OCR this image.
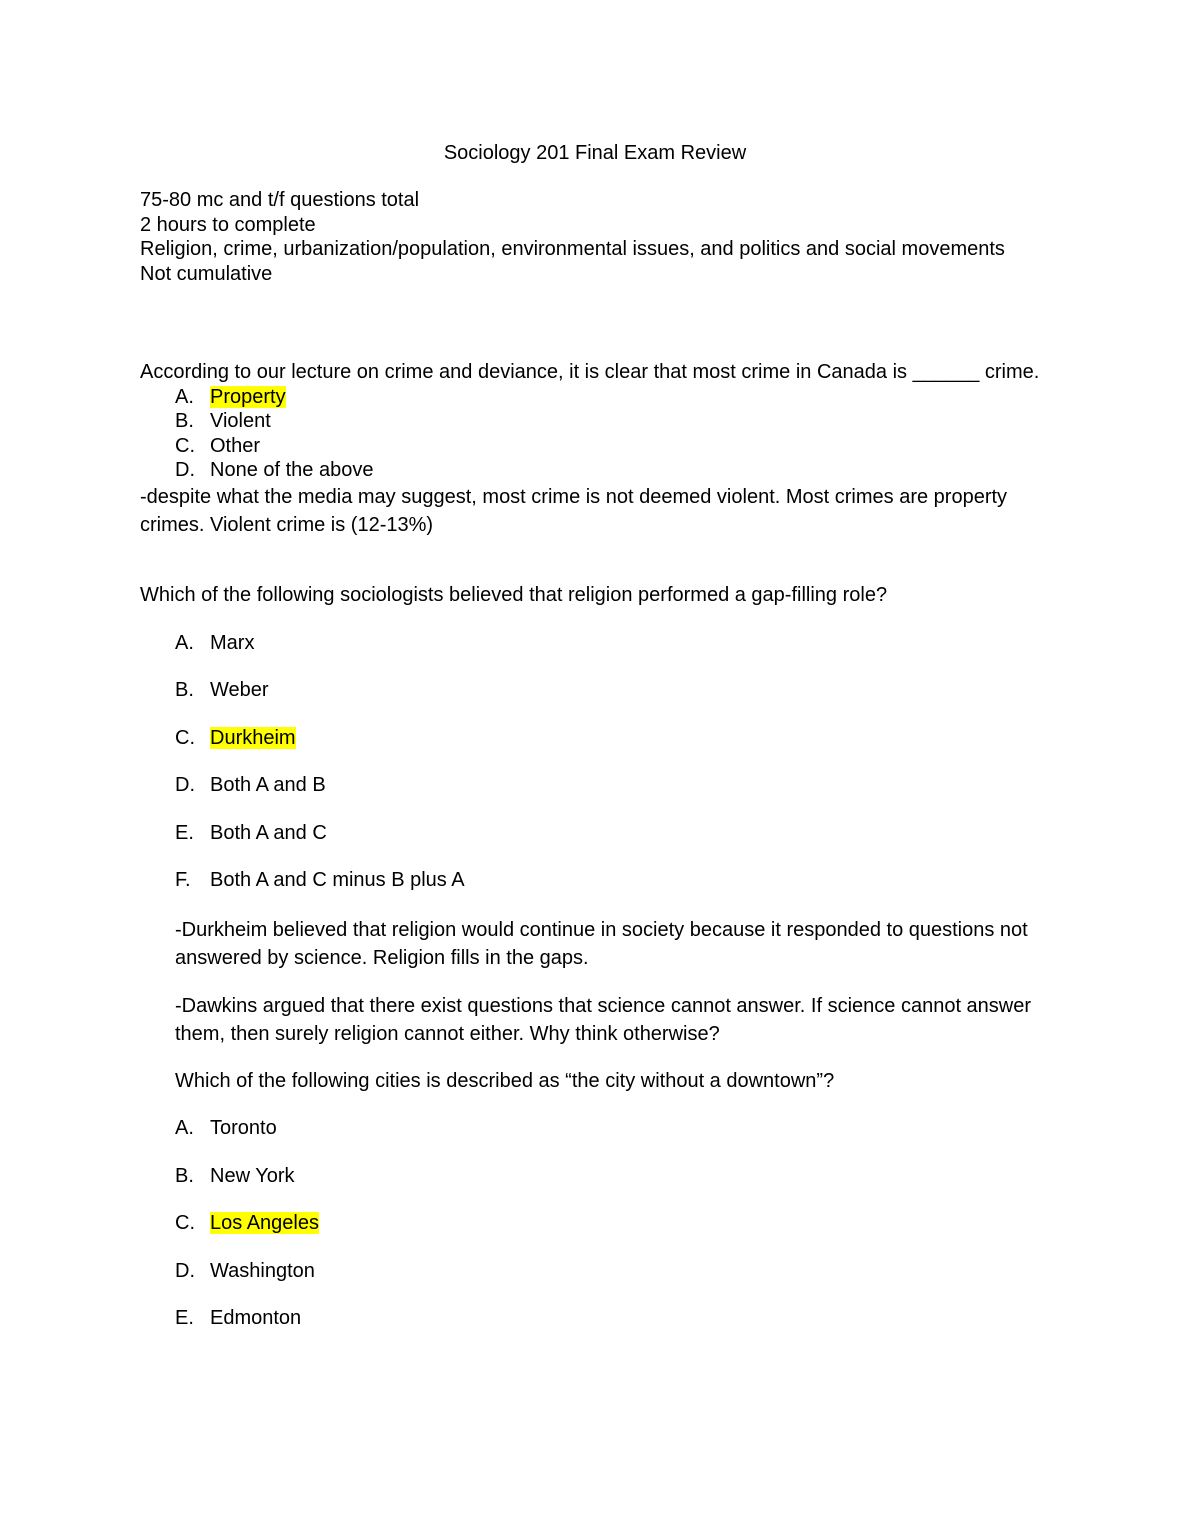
Sociology 201 Final Exam Review
75-80 mc and t/f questions total
2 hours to complete
Religion, crime, urbanization/population, environmental issues, and politics and social movements
Not cumulative
According to our lecture on crime and deviance, it is clear that most crime in Canada is ______ crime.
A. Property
B. Violent
C. Other
D. None of the above
-despite what the media may suggest, most crime is not deemed violent. Most crimes are property crimes. Violent crime is (12-13%)
Which of the following sociologists believed that religion performed a gap-filling role?
A. Marx
B. Weber
C. Durkheim
D. Both A and B
E. Both A and C
F. Both A and C minus B plus A
-Durkheim believed that religion would continue in society because it responded to questions not answered by science. Religion fills in the gaps.
-Dawkins argued that there exist questions that science cannot answer. If science cannot answer them, then surely religion cannot either. Why think otherwise?
Which of the following cities is described as “the city without a downtown”?
A. Toronto
B. New York
C. Los Angeles
D. Washington
E. Edmonton
